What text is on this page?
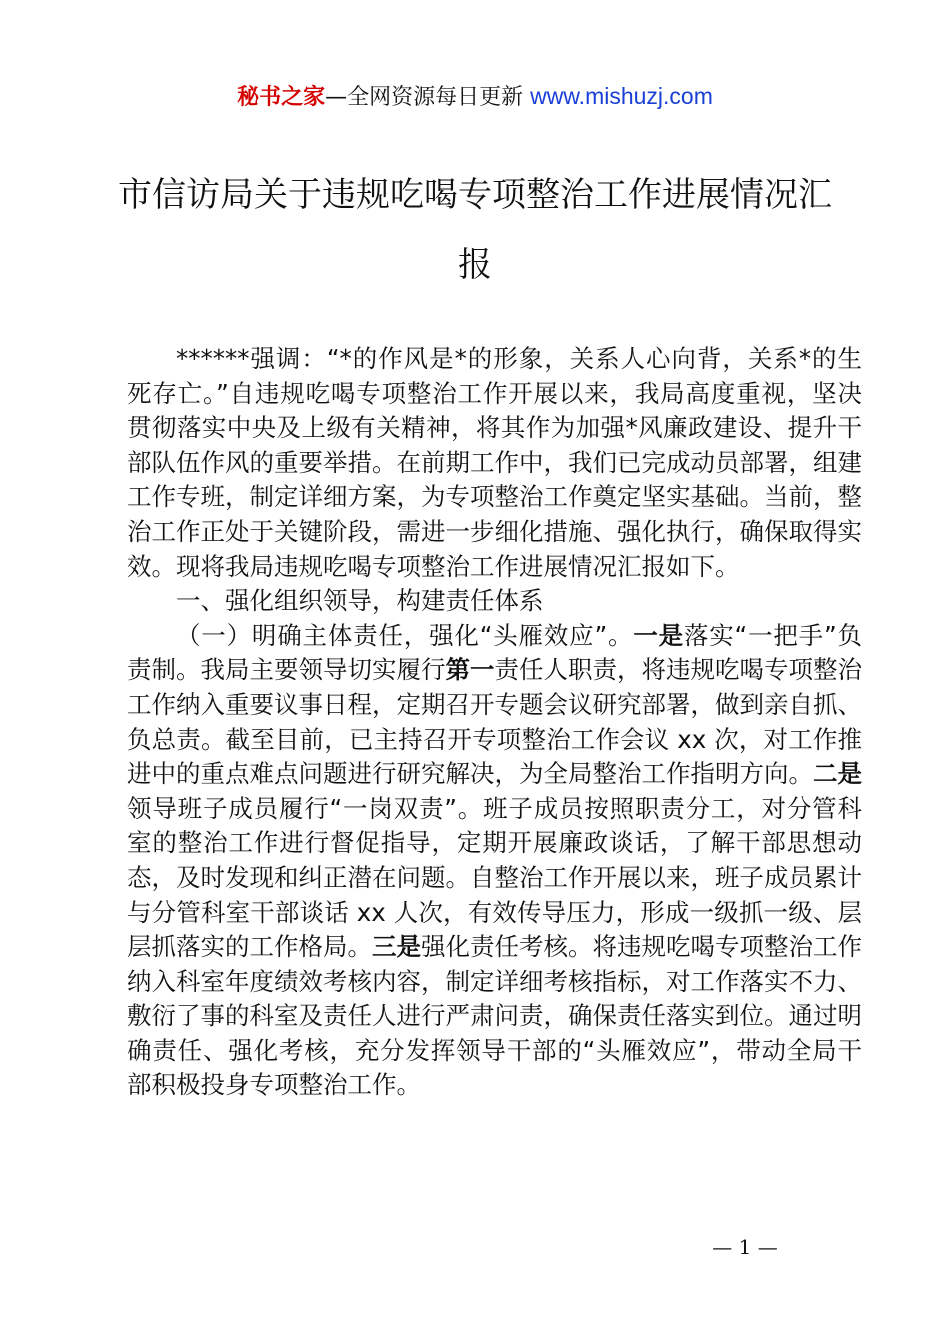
秘书之家—全网资源每日更新 www.mishuzj.com
市信访局关于违规吃喝专项整治工作进展情况汇报

******强调：“*的作风是*的形象，关系人心向背，关系*的生死存亡。”自违规吃喝专项整治工作开展以来，我局高度重视，坚决贯彻落实中央及上级有关精神，将其作为加强*风廉政建设、提升干部队伍作风的重要举措。在前期工作中，我们已完成动员部署，组建工作专班，制定详细方案，为专项整治工作奠定坚实基础。当前，整治工作正处于关键阶段，需进一步细化措施、强化执行，确保取得实效。现将我局违规吃喝专项整治工作进展情况汇报如下。

一、强化组织领导，构建责任体系

（一）明确主体责任，强化“头雁效应”。一是落实“一把手”负责制。我局主要领导切实履行第一责任人职责，将违规吃喝专项整治工作纳入重要议事日程，定期召开专题会议研究部署，做到亲自抓、负总责。截至目前，已主持召开专项整治工作会议 xx 次，对工作推进中的重点难点问题进行研究解决，为全局整治工作指明方向。二是领导班子成员履行“一岗双责”。班子成员按照职责分工，对分管科室的整治工作进行督促指导，定期开展廉政谈话，了解干部思想动态，及时发现和纠正潜在问题。自整治工作开展以来，班子成员累计与分管科室干部谈话 xx 人次，有效传导压力，形成一级抓一级、层层抓落实的工作格局。三是强化责任考核。将违规吃喝专项整治工作纳入科室年度绩效考核内容，制定详细考核指标，对工作落实不力、敷衍了事的科室及责任人进行严肃问责，确保责任落实到位。通过明确责任、强化考核，充分发挥领导干部的“头雁效应”，带动全局干部积极投身专项整治工作。

— 1 —
